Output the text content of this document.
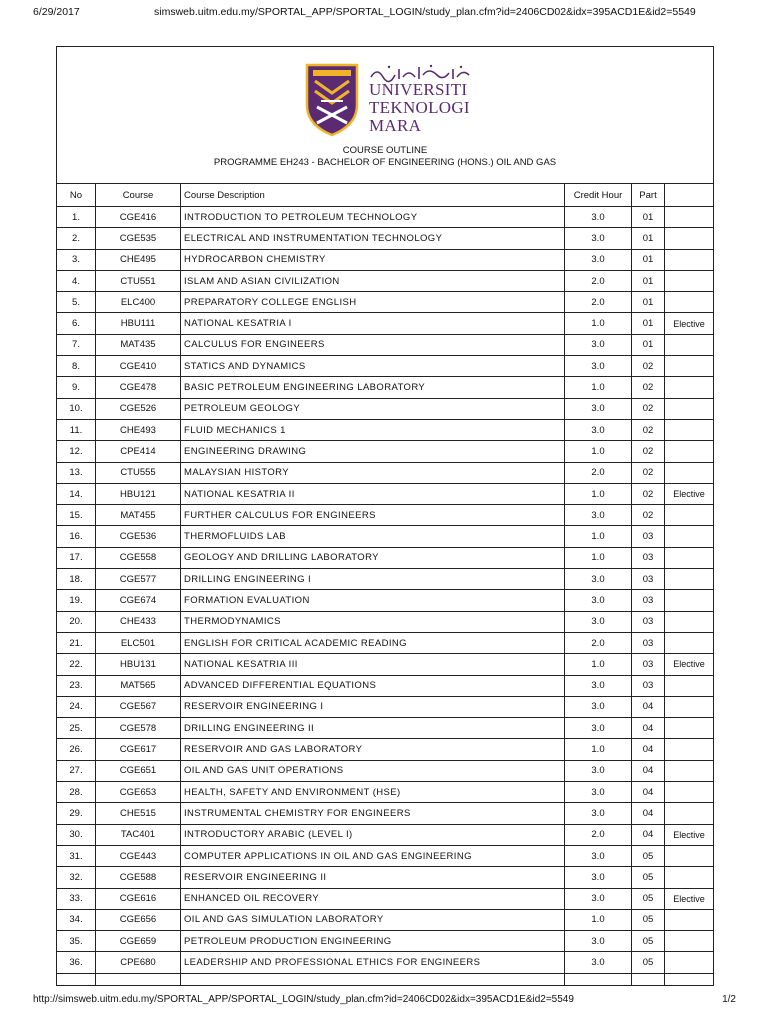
6/29/2017	simsweb.uitm.edu.my/SPORTAL_APP/SPORTAL_LOGIN/study_plan.cfm?id=2406CD02&idx=395ACD1E&id2=5549
UNIVERSITI
TEKNOLOGI
MARA
COURSE OUTLINE
PROGRAMME EH243 - BACHELOR OF ENGINEERING (HONS.) OIL AND GAS
No	Course	Course Description	Credit Hour	Part	
1.	CGE416	INTRODUCTION TO PETROLEUM TECHNOLOGY	3.0	01	
2.	CGE535	ELECTRICAL AND INSTRUMENTATION TECHNOLOGY	3.0	01	
3.	CHE495	HYDROCARBON CHEMISTRY	3.0	01	
4.	CTU551	ISLAM AND ASIAN CIVILIZATION	2.0	01	
5.	ELC400	PREPARATORY COLLEGE ENGLISH	2.0	01	
6.	HBU111	NATIONAL KESATRIA I	1.0	01	Elective
7.	MAT435	CALCULUS FOR ENGINEERS	3.0	01	
8.	CGE410	STATICS AND DYNAMICS	3.0	02	
9.	CGE478	BASIC PETROLEUM ENGINEERING LABORATORY	1.0	02	
10.	CGE526	PETROLEUM GEOLOGY	3.0	02	
11.	CHE493	FLUID MECHANICS 1	3.0	02	
12.	CPE414	ENGINEERING DRAWING	1.0	02	
13.	CTU555	MALAYSIAN HISTORY	2.0	02	
14.	HBU121	NATIONAL KESATRIA II	1.0	02	Elective
15.	MAT455	FURTHER CALCULUS FOR ENGINEERS	3.0	02	
16.	CGE536	THERMOFLUIDS LAB	1.0	03	
17.	CGE558	GEOLOGY AND DRILLING LABORATORY	1.0	03	
18.	CGE577	DRILLING ENGINEERING I	3.0	03	
19.	CGE674	FORMATION EVALUATION	3.0	03	
20.	CHE433	THERMODYNAMICS	3.0	03	
21.	ELC501	ENGLISH FOR CRITICAL ACADEMIC READING	2.0	03	
22.	HBU131	NATIONAL KESATRIA III	1.0	03	Elective
23.	MAT565	ADVANCED DIFFERENTIAL EQUATIONS	3.0	03	
24.	CGE567	RESERVOIR ENGINEERING I	3.0	04	
25.	CGE578	DRILLING ENGINEERING II	3.0	04	
26.	CGE617	RESERVOIR AND GAS LABORATORY	1.0	04	
27.	CGE651	OIL AND GAS UNIT OPERATIONS	3.0	04	
28.	CGE653	HEALTH, SAFETY AND ENVIRONMENT (HSE)	3.0	04	
29.	CHE515	INSTRUMENTAL CHEMISTRY FOR ENGINEERS	3.0	04	
30.	TAC401	INTRODUCTORY ARABIC (LEVEL I)	2.0	04	Elective
31.	CGE443	COMPUTER APPLICATIONS IN OIL AND GAS ENGINEERING	3.0	05	
32.	CGE588	RESERVOIR ENGINEERING II	3.0	05	
33.	CGE616	ENHANCED OIL RECOVERY	3.0	05	Elective
34.	CGE656	OIL AND GAS SIMULATION LABORATORY	1.0	05	
35.	CGE659	PETROLEUM PRODUCTION ENGINEERING	3.0	05	
36.	CPE680	LEADERSHIP AND PROFESSIONAL ETHICS FOR ENGINEERS	3.0	05	

http://simsweb.uitm.edu.my/SPORTAL_APP/SPORTAL_LOGIN/study_plan.cfm?id=2406CD02&idx=395ACD1E&id2=5549	1/2
